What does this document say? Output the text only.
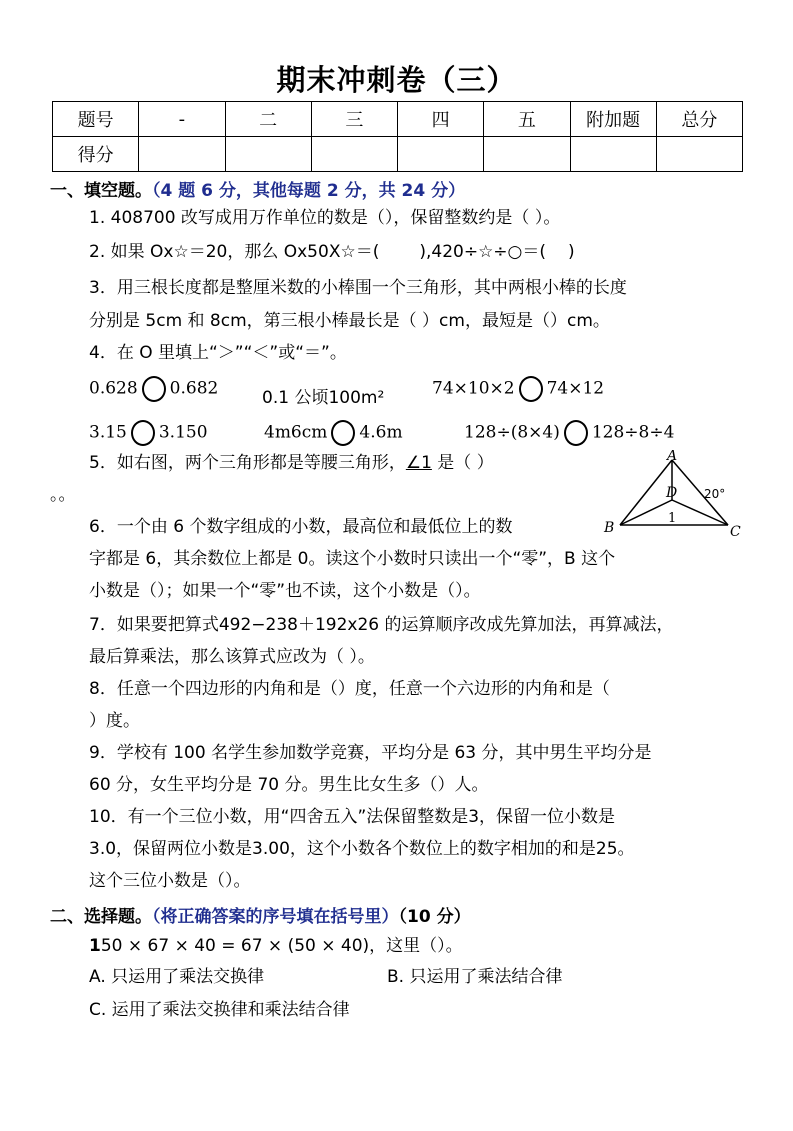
期末冲刺卷（三）
题号	-	二	三	四	五	附加题	总分
得分							
一、填空题。（4 题 6 分，其他每题 2 分，共 24 分）
1. 408700 改写成用万作单位的数是（），保留整数约是（ ）。
2. 如果 Ox☆＝20，那么 Ox50X☆＝( ),420÷☆÷○＝( )
3．用三根长度都是整厘米数的小棒围一个三角形，其中两根小棒的长度
分别是 5cm 和 8cm，第三根小棒最长是（ ）cm，最短是（）cm。
4．在 O 里填上“＞”“＜”或“＝”。
0.628 0.682	0.1 公顷100m²	74×10×2 74×12
3.15 3.150	4m6cm 4.6m	128÷(8×4) 128÷8÷4
5．如右图，两个三角形都是等腰三角形，∠1 是（ ）
。。
A
B	C
D
1
20°
6．一个由 6 个数字组成的小数，最高位和最低位上的数
字都是 6，其余数位上都是 0。读这个小数时只读出一个“零”，B 这个
小数是（）；如果一个“零”也不读，这个小数是（）。
7．如果要把算式492−238＋192x26 的运算顺序改成先算加法，再算减法，
最后算乘法，那么该算式应改为（ ）。
8．任意一个四边形的内角和是（）度，任意一个六边形的内角和是（
）度。
9．学校有 100 名学生参加数学竞赛，平均分是 63 分，其中男生平均分是
60 分，女生平均分是 70 分。男生比女生多（）人。
10．有一个三位小数，用“四舍五入”法保留整数是3，保留一位小数是
3.0，保留两位小数是3.00，这个小数各个数位上的数字相加的和是25。
这个三位小数是（）。
二、选择题。（将正确答案的序号填在括号里）（10 分）
150 × 67 × 40 = 67 × (50 × 40)，这里（）。
A. 只运用了乘法交换律	B. 只运用了乘法结合律
C. 运用了乘法交换律和乘法结合律
